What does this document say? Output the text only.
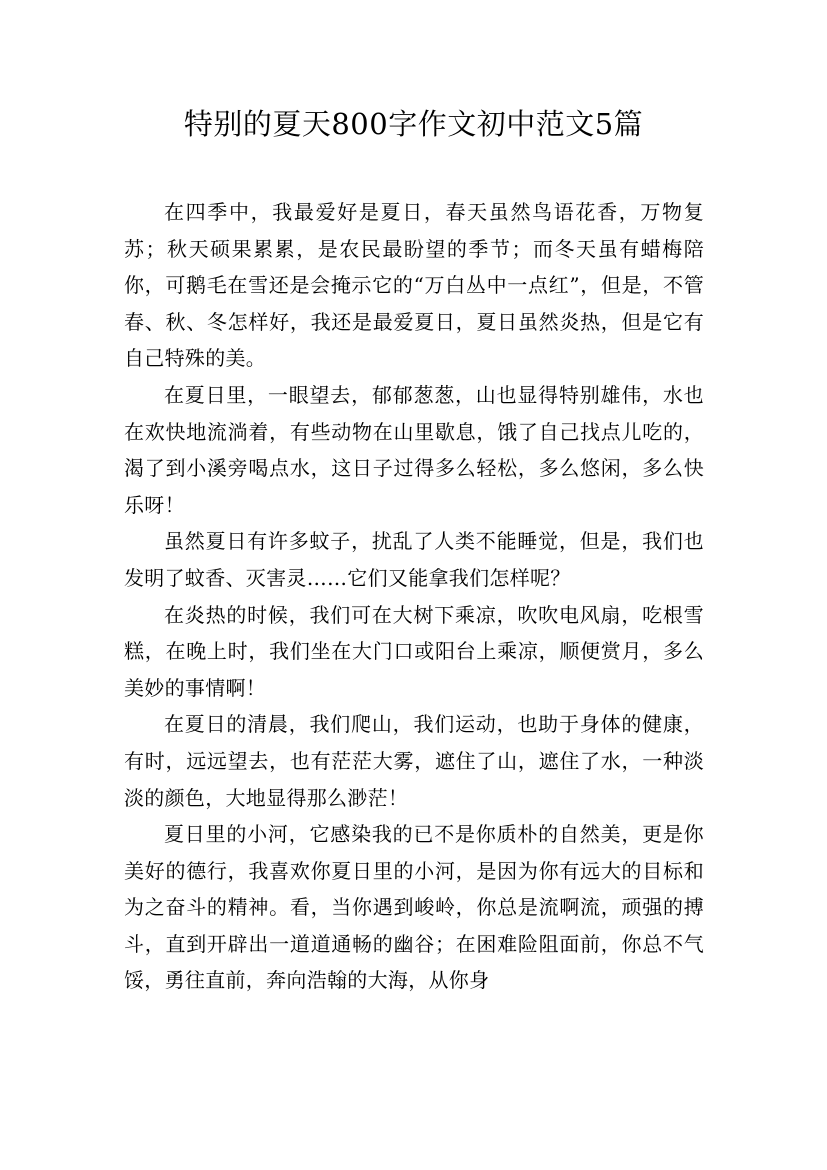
特别的夏天800字作文初中范文5篇

在四季中，我最爱好是夏日，春天虽然鸟语花香，万物复苏；秋天硕果累累，是农民最盼望的季节；而冬天虽有蜡梅陪你，可鹅毛在雪还是会掩示它的“万白丛中一点红”，但是，不管春、秋、冬怎样好，我还是最爱夏日，夏日虽然炎热，但是它有自己特殊的美。

在夏日里，一眼望去，郁郁葱葱，山也显得特别雄伟，水也在欢快地流淌着，有些动物在山里歇息，饿了自己找点儿吃的，渴了到小溪旁喝点水，这日子过得多么轻松，多么悠闲，多么快乐呀！

虽然夏日有许多蚊子，扰乱了人类不能睡觉，但是，我们也发明了蚊香、灭害灵……它们又能拿我们怎样呢？

在炎热的时候，我们可在大树下乘凉，吹吹电风扇，吃根雪糕，在晚上时，我们坐在大门口或阳台上乘凉，顺便赏月，多么美妙的事情啊！

在夏日的清晨，我们爬山，我们运动，也助于身体的健康，有时，远远望去，也有茫茫大雾，遮住了山，遮住了水，一种淡淡的颜色，大地显得那么渺茫！

夏日里的小河，它感染我的已不是你质朴的自然美，更是你美好的德行，我喜欢你夏日里的小河，是因为你有远大的目标和为之奋斗的精神。看，当你遇到峻岭，你总是流啊流，顽强的搏斗，直到开辟出一道道通畅的幽谷；在困难险阻面前，你总不气馁，勇往直前，奔向浩翰的大海，从你身
